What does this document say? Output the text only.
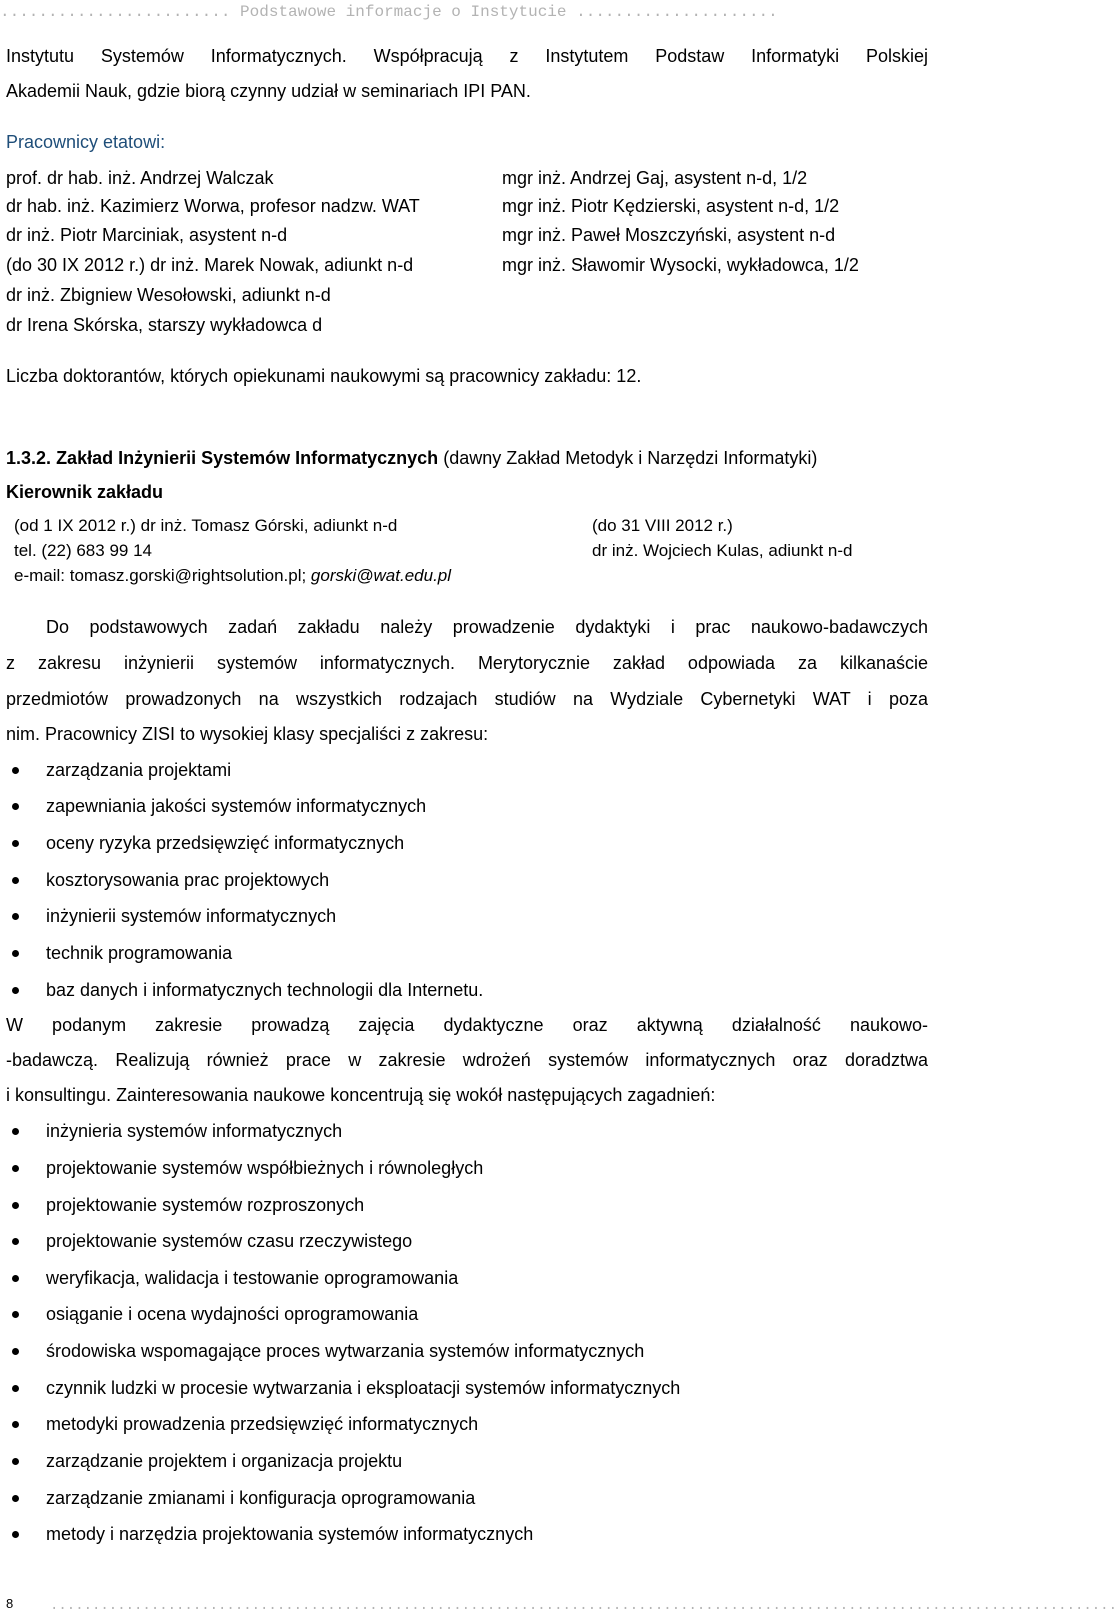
........................ Podstawowe informacje o Instytucie .....................
Instytutu Systemów Informatycznych. Współpracują z Instytutem Podstaw Informatyki Polskiej
Akademii Nauk, gdzie biorą czynny udział w seminariach IPI PAN.
Pracownicy etatowi:
prof. dr hab. inż. Andrzej Walczak
dr hab. inż. Kazimierz Worwa, profesor nadzw. WAT
dr inż. Piotr Marciniak, asystent n-d
(do 30 IX 2012 r.) dr inż. Marek Nowak, adiunkt n-d
dr inż. Zbigniew Wesołowski, adiunkt n-d
dr Irena Skórska, starszy wykładowca d
mgr inż. Andrzej Gaj, asystent n-d, 1/2
mgr inż. Piotr Kędzierski, asystent n-d, 1/2
mgr inż. Paweł Moszczyński, asystent n-d
mgr inż. Sławomir Wysocki, wykładowca, 1/2
Liczba doktorantów, których opiekunami naukowymi są pracownicy zakładu: 12.
1.3.2. Zakład Inżynierii Systemów Informatycznych (dawny Zakład Metodyk i Narzędzi Informatyki)
Kierownik zakładu
(od 1 IX 2012 r.) dr inż. Tomasz Górski, adiunkt n-d
tel. (22) 683 99 14
e-mail: tomasz.gorski@rightsolution.pl; gorski@wat.edu.pl
(do 31 VIII 2012 r.)
dr inż. Wojciech Kulas, adiunkt n-d
Do podstawowych zadań zakładu należy prowadzenie dydaktyki i prac naukowo-badawczych
z zakresu inżynierii systemów informatycznych. Merytorycznie zakład odpowiada za kilkanaście
przedmiotów prowadzonych na wszystkich rodzajach studiów na Wydziale Cybernetyki WAT i poza
nim. Pracownicy ZISI to wysokiej klasy specjaliści z zakresu:
zarządzania projektami
zapewniania jakości systemów informatycznych
oceny ryzyka przedsięwzięć informatycznych
kosztorysowania prac projektowych
inżynierii systemów informatycznych
technik programowania
baz danych i informatycznych technologii dla Internetu.
W podanym zakresie prowadzą zajęcia dydaktyczne oraz aktywną działalność naukowo-
-badawczą. Realizują również prace w zakresie wdrożeń systemów informatycznych oraz doradztwa
i konsultingu. Zainteresowania naukowe koncentrują się wokół następujących zagadnień:
inżynieria systemów informatycznych
projektowanie systemów współbieżnych i równoległych
projektowanie systemów rozproszonych
projektowanie systemów czasu rzeczywistego
weryfikacja, walidacja i testowanie oprogramowania
osiąganie i ocena wydajności oprogramowania
środowiska wspomagające proces wytwarzania systemów informatycznych
czynnik ludzki w procesie wytwarzania i eksploatacji systemów informatycznych
metodyki prowadzenia przedsięwzięć informatycznych
zarządzanie projektem i organizacja projektu
zarządzanie zmianami i konfiguracja oprogramowania
metody i narzędzia projektowania systemów informatycznych
8	...............................................................................................................................
